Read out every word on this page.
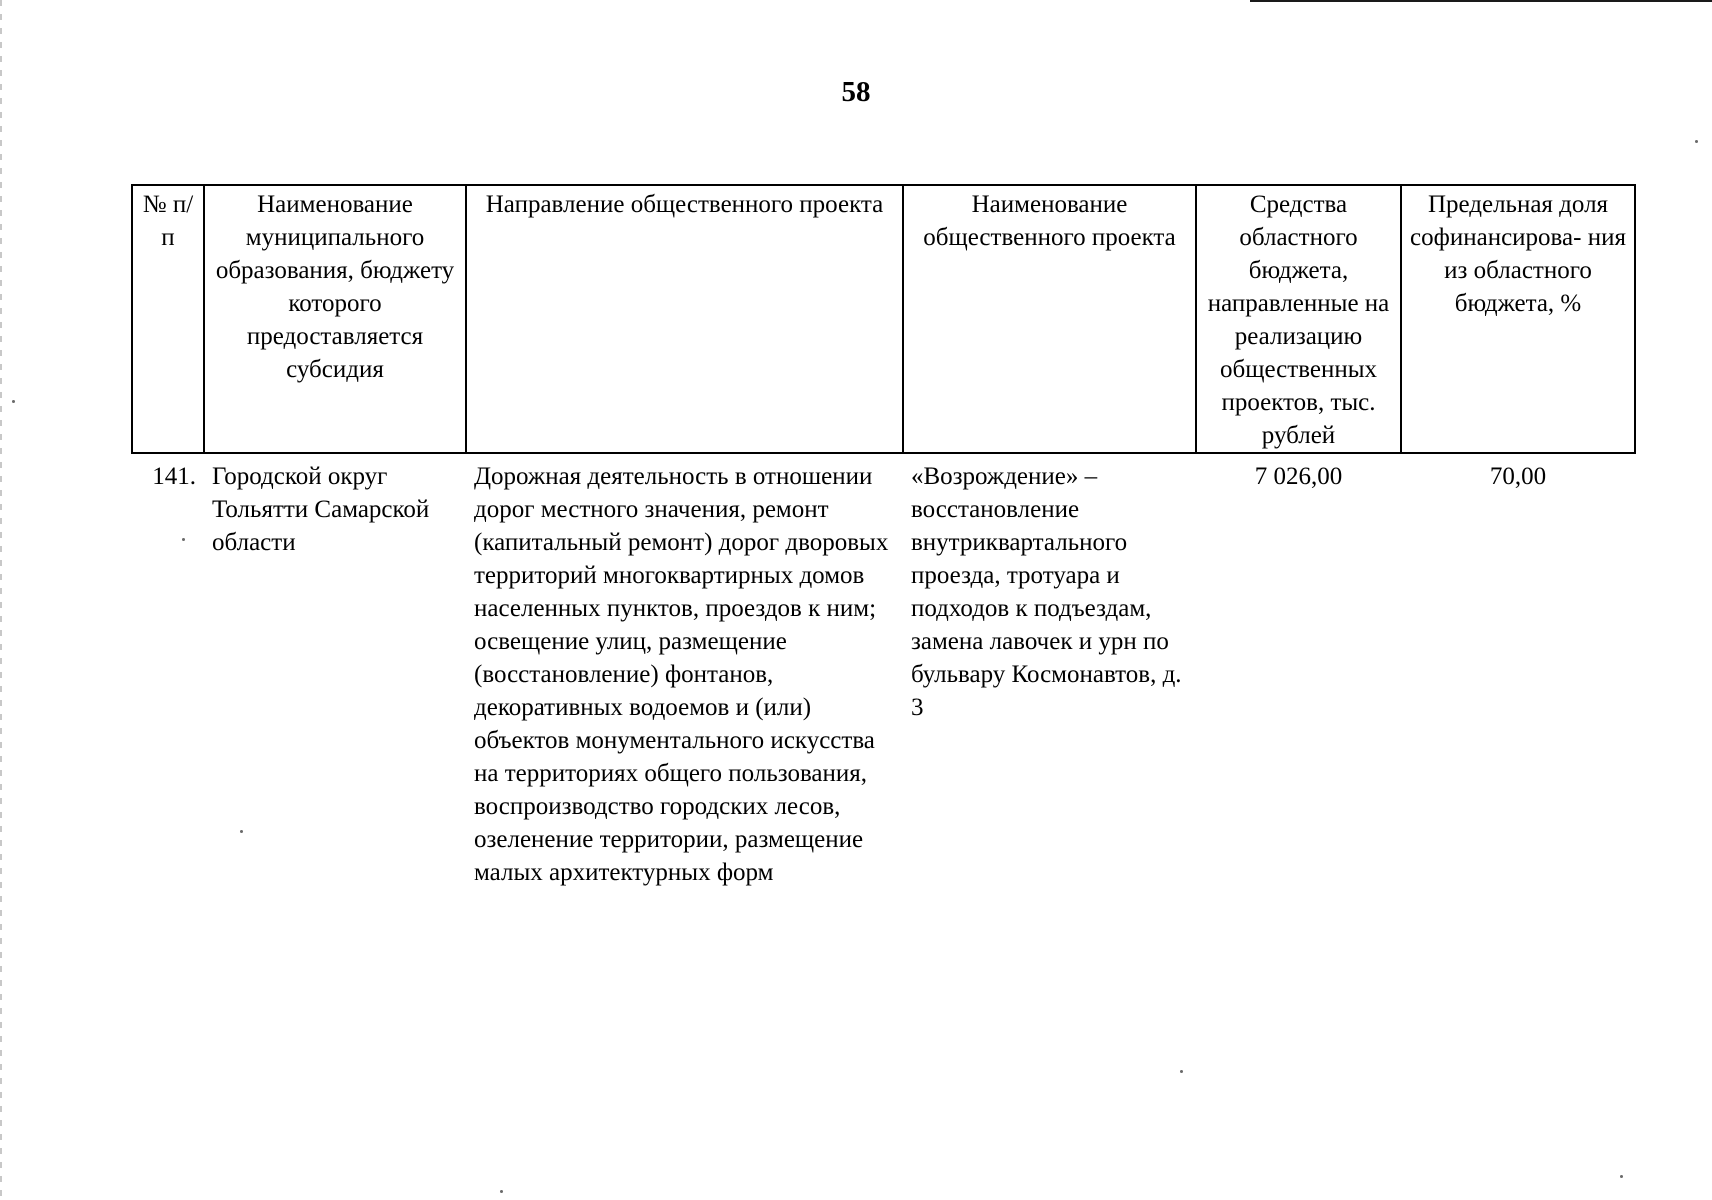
58
№ п/п	Наименование муниципального образования, бюджету которого предоставляется субсидия	Направление общественного проекта	Наименование общественного проекта	Средства областного бюджета, направленные на реализацию общественных проектов, тыс. рублей	Предельная доля софинансирова- ния из областного бюджета, %
141.	Городской округ Тольятти Самарской области	Дорожная деятельность в отношении дорог местного значения, ремонт (капитальный ремонт) дорог дворовых территорий многоквартирных домов населенных пунктов, проездов к ним; освещение улиц, размещение (восстановление) фонтанов, декоративных водоемов и (или) объектов монументального искусства на территориях общего пользования, воспроизводство городских лесов, озеленение территории, размещение малых архитектурных форм	«Возрождение» – восстановление внутриквартального проезда, тротуара и подходов к подъездам, замена лавочек и урн по бульвару Космонавтов, д. 3	7 026,00	70,00
